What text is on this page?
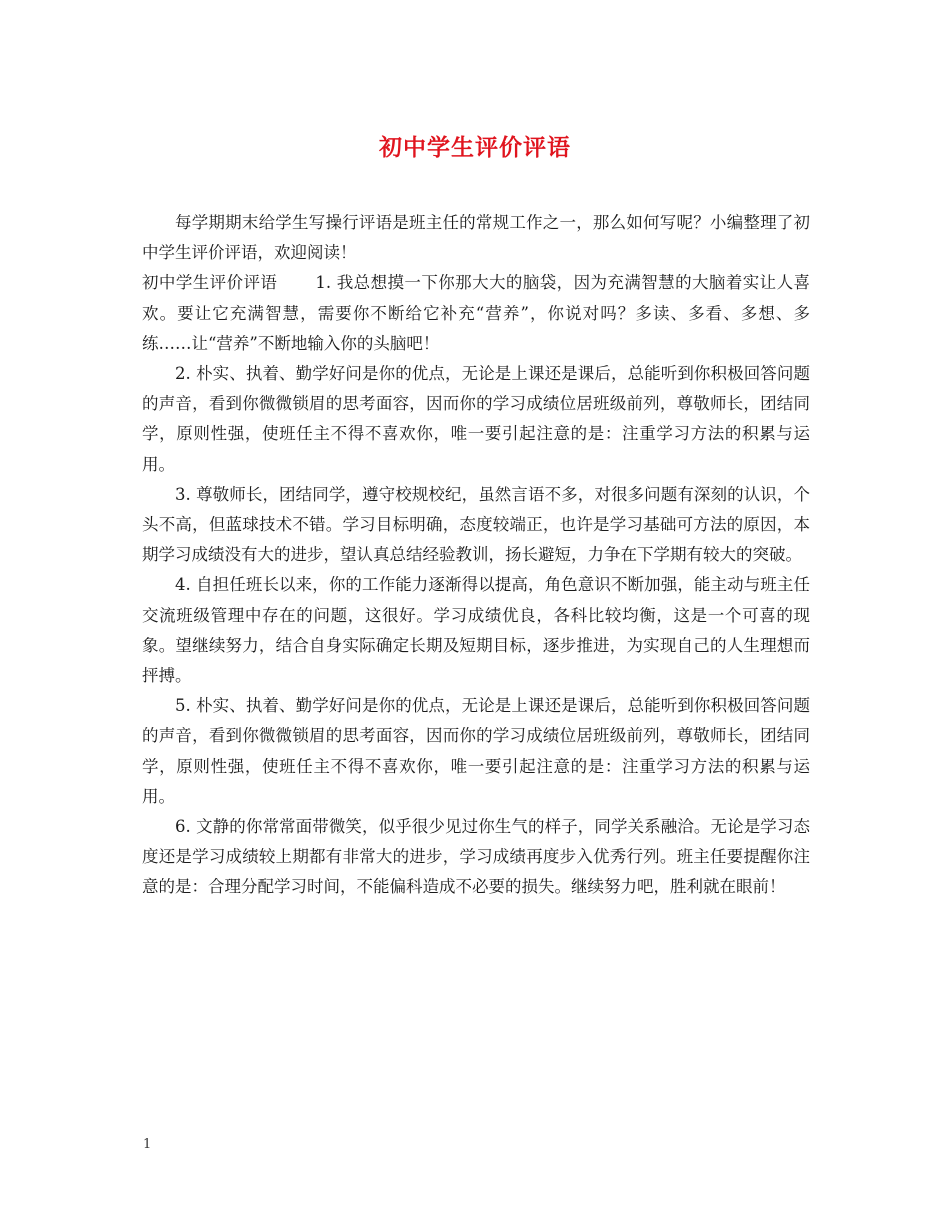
初中学生评价评语

每学期期末给学生写操行评语是班主任的常规工作之一，那么如何写呢？小编整理了初中学生评价评语，欢迎阅读！

初中学生评价评语 1. 我总想摸一下你那大大的脑袋，因为充满智慧的大脑着实让人喜欢。要让它充满智慧，需要你不断给它补充“营养”，你说对吗？多读、多看、多想、多练……让“营养”不断地输入你的头脑吧！

2. 朴实、执着、勤学好问是你的优点，无论是上课还是课后，总能听到你积极回答问题的声音，看到你微微锁眉的思考面容，因而你的学习成绩位居班级前列，尊敬师长，团结同学，原则性强，使班任主不得不喜欢你，唯一要引起注意的是：注重学习方法的积累与运用。

3. 尊敬师长，团结同学，遵守校规校纪，虽然言语不多，对很多问题有深刻的认识，个头不高，但蓝球技术不错。学习目标明确，态度较端正，也许是学习基础可方法的原因，本期学习成绩没有大的进步，望认真总结经验教训，扬长避短，力争在下学期有较大的突破。

4. 自担任班长以来，你的工作能力逐渐得以提高，角色意识不断加强，能主动与班主任交流班级管理中存在的问题，这很好。学习成绩优良，各科比较均衡，这是一个可喜的现象。望继续努力，结合自身实际确定长期及短期目标，逐步推进，为实现自己的人生理想而抨搏。

5. 朴实、执着、勤学好问是你的优点，无论是上课还是课后，总能听到你积极回答问题的声音，看到你微微锁眉的思考面容，因而你的学习成绩位居班级前列，尊敬师长，团结同学，原则性强，使班任主不得不喜欢你，唯一要引起注意的是：注重学习方法的积累与运用。

6. 文静的你常常面带微笑，似乎很少见过你生气的样子，同学关系融洽。无论是学习态度还是学习成绩较上期都有非常大的进步，学习成绩再度步入优秀行列。班主任要提醒你注意的是：合理分配学习时间，不能偏科造成不必要的损失。继续努力吧，胜利就在眼前！

1
